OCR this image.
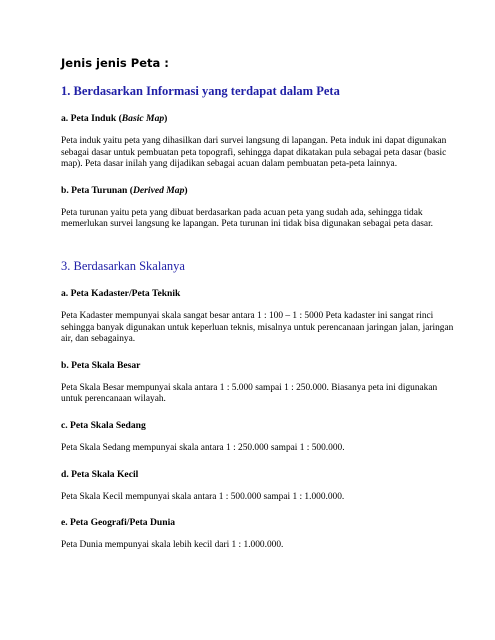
Jenis jenis Peta :
1. Berdasarkan Informasi yang terdapat dalam Peta
a. Peta Induk (Basic Map)
Peta induk yaitu peta yang dihasilkan dari survei langsung di lapangan. Peta induk ini dapat digunakan sebagai dasar untuk pembuatan peta topografi, sehingga dapat dikatakan pula sebagai peta dasar (basic map). Peta dasar inilah yang dijadikan sebagai acuan dalam pembuatan peta-peta lainnya.
b. Peta Turunan (Derived Map)
Peta turunan yaitu peta yang dibuat berdasarkan pada acuan peta yang sudah ada, sehingga tidak memerlukan survei langsung ke lapangan. Peta turunan ini tidak bisa digunakan sebagai peta dasar.
3. Berdasarkan Skalanya
a. Peta Kadaster/Peta Teknik
Peta Kadaster mempunyai skala sangat besar antara 1 : 100 – 1 : 5000 Peta kadaster ini sangat rinci sehingga banyak digunakan untuk keperluan teknis, misalnya untuk perencanaan jaringan jalan, jaringan air, dan sebagainya.
b. Peta Skala Besar
Peta Skala Besar mempunyai skala antara 1 : 5.000 sampai 1 : 250.000. Biasanya peta ini digunakan untuk perencanaan wilayah.
c. Peta Skala Sedang
Peta Skala Sedang mempunyai skala antara 1 : 250.000 sampai 1 : 500.000.
d. Peta Skala Kecil
Peta Skala Kecil mempunyai skala antara 1 : 500.000 sampai 1 : 1.000.000.
e. Peta Geografi/Peta Dunia
Peta Dunia mempunyai skala lebih kecil dari 1 : 1.000.000.
